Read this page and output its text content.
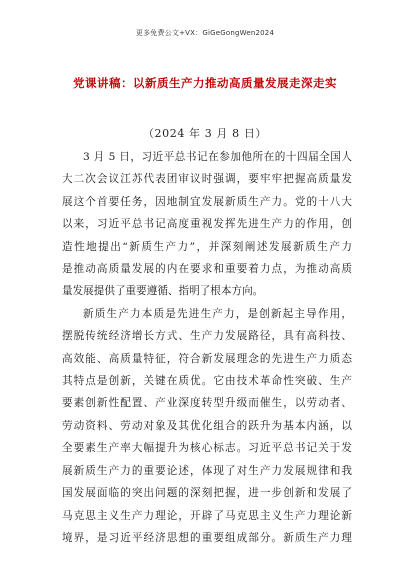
更多免费公文+VX：GiGeGongWen2024
党课讲稿：以新质生产力推动高质量发展走深走实
（2024 年 3 月 8 日）
3 月 5 日，习近平总书记在参加他所在的十四届全国人
大二次会议江苏代表团审议时强调，要牢牢把握高质量发
展这个首要任务，因地制宜发展新质生产力。党的十八大
以来，习近平总书记高度重视发挥先进生产力的作用，创
造性地提出“新质生产力”，并深刻阐述发展新质生产力
是推动高质量发展的内在要求和重要着力点，为推动高质
量发展提供了重要遵循、指明了根本方向。
新质生产力本质是先进生产力，是创新起主导作用，
摆脱传统经济增长方式、生产力发展路径，具有高科技、
高效能、高质量特征，符合新发展理念的先进生产力质态
其特点是创新，关键在质优。它由技术革命性突破、生产
要素创新性配置、产业深度转型升级而催生，以劳动者、
劳动资料、劳动对象及其优化组合的跃升为基本内涵，以
全要素生产率大幅提升为核心标志。习近平总书记关于发
展新质生产力的重要论述，体现了对生产力发展规律和我
国发展面临的突出问题的深刻把握，进一步创新和发展了
马克思主义生产力理论，开辟了马克思主义生产力理论新
境界，是习近平经济思想的重要组成部分。新质生产力理
